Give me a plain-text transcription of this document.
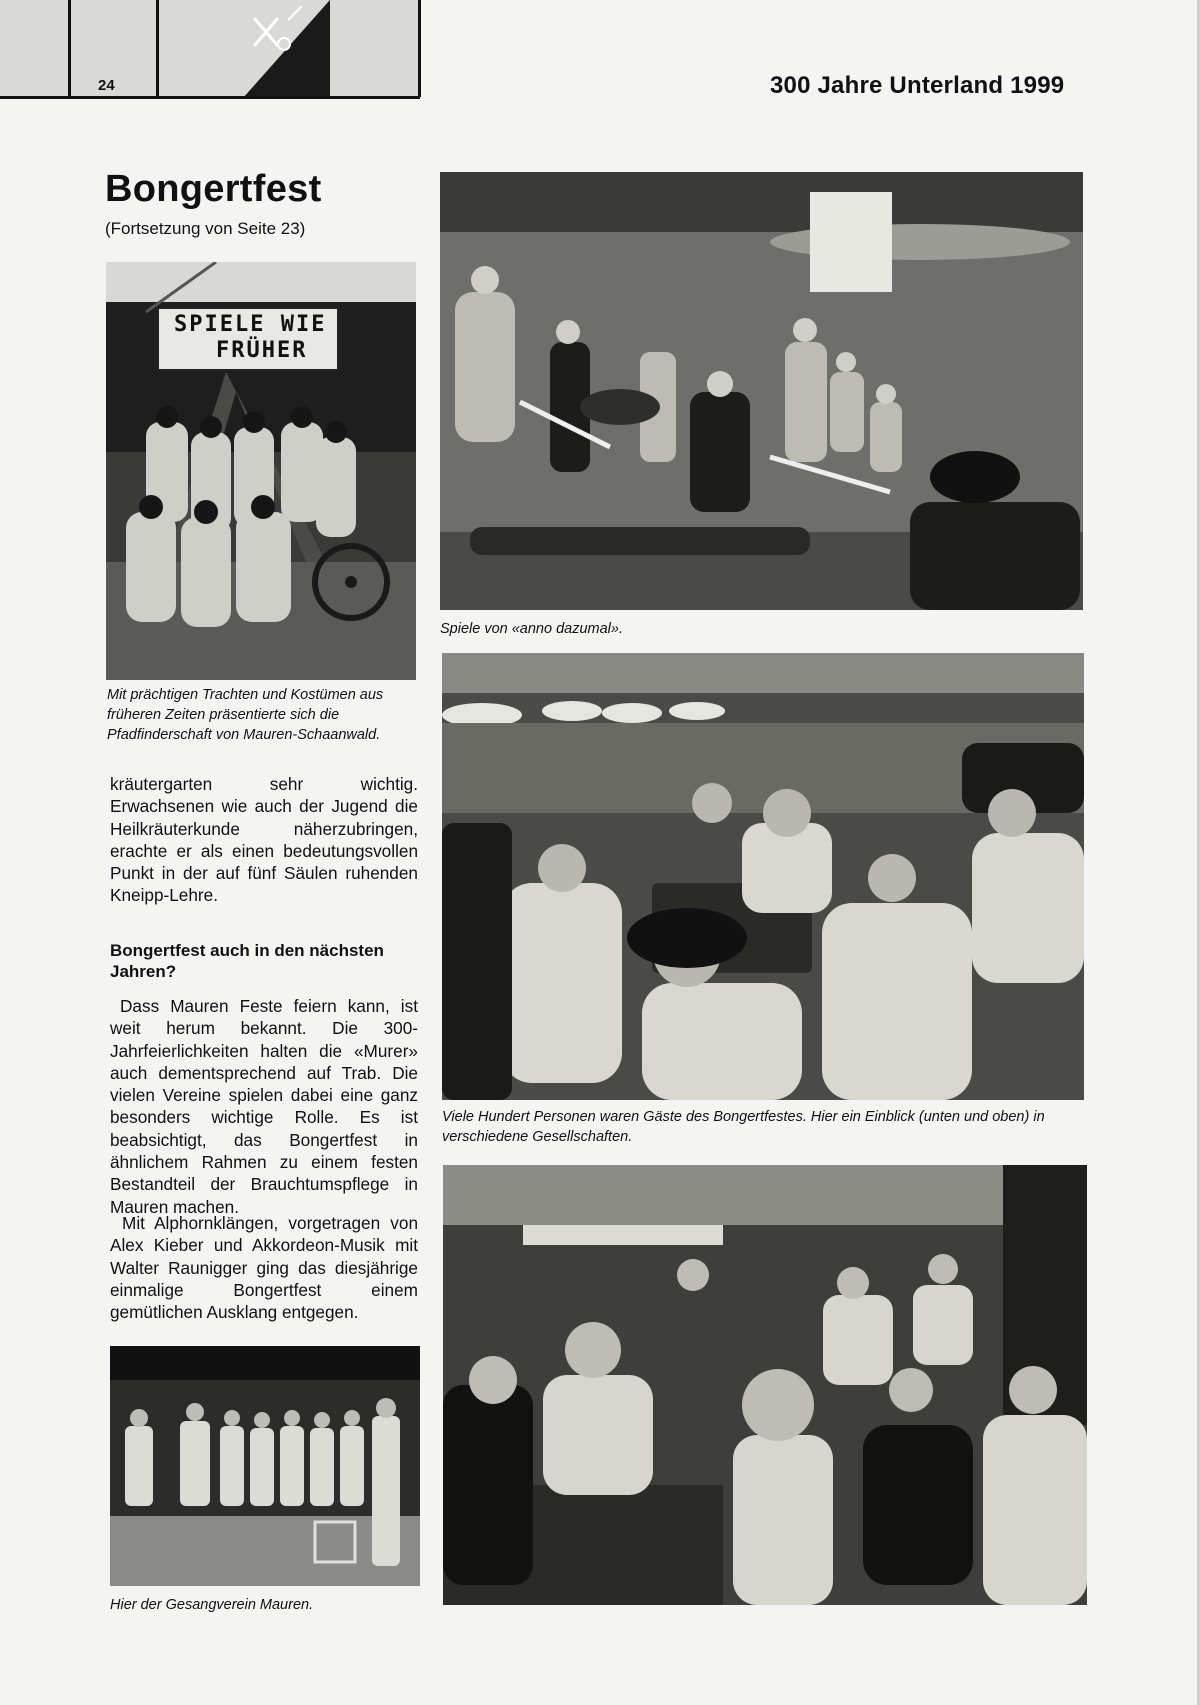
24	300 Jahre Unterland 1999
Bongertfest
(Fortsetzung von Seite 23)
SPIELE WIE
FRÜHER
Mit prächtigen Trachten und Kostümen aus früheren Zeiten präsentierte sich die Pfadfinderschaft von Mauren-Schaanwald.
kräutergarten sehr wichtig. Erwachsenen wie auch der Jugend die Heilkräuterkunde näherzubringen, erachte er als einen bedeutungsvollen Punkt in der auf fünf Säulen ruhenden Kneipp-Lehre.
Bongertfest auch in den nächsten Jahren?
Dass Mauren Feste feiern kann, ist weit herum bekannt. Die 300-Jahrfeierlichkeiten halten die «Murer» auch dementsprechend auf Trab. Die vielen Vereine spielen dabei eine ganz besonders wichtige Rolle. Es ist beabsichtigt, das Bongertfest in ähnlichem Rahmen zu einem festen Bestandteil der Brauchtumspflege in Mauren machen.
Mit Alphornklängen, vorgetragen von Alex Kieber und Akkordeon-Musik mit Walter Raunigger ging das diesjährige einmalige Bongertfest einem gemütlichen Ausklang entgegen.
Hier der Gesangverein Mauren.
Spiele von «anno dazumal».
Viele Hundert Personen waren Gäste des Bongertfestes. Hier ein Einblick (unten und oben) in verschiedene Gesellschaften.
